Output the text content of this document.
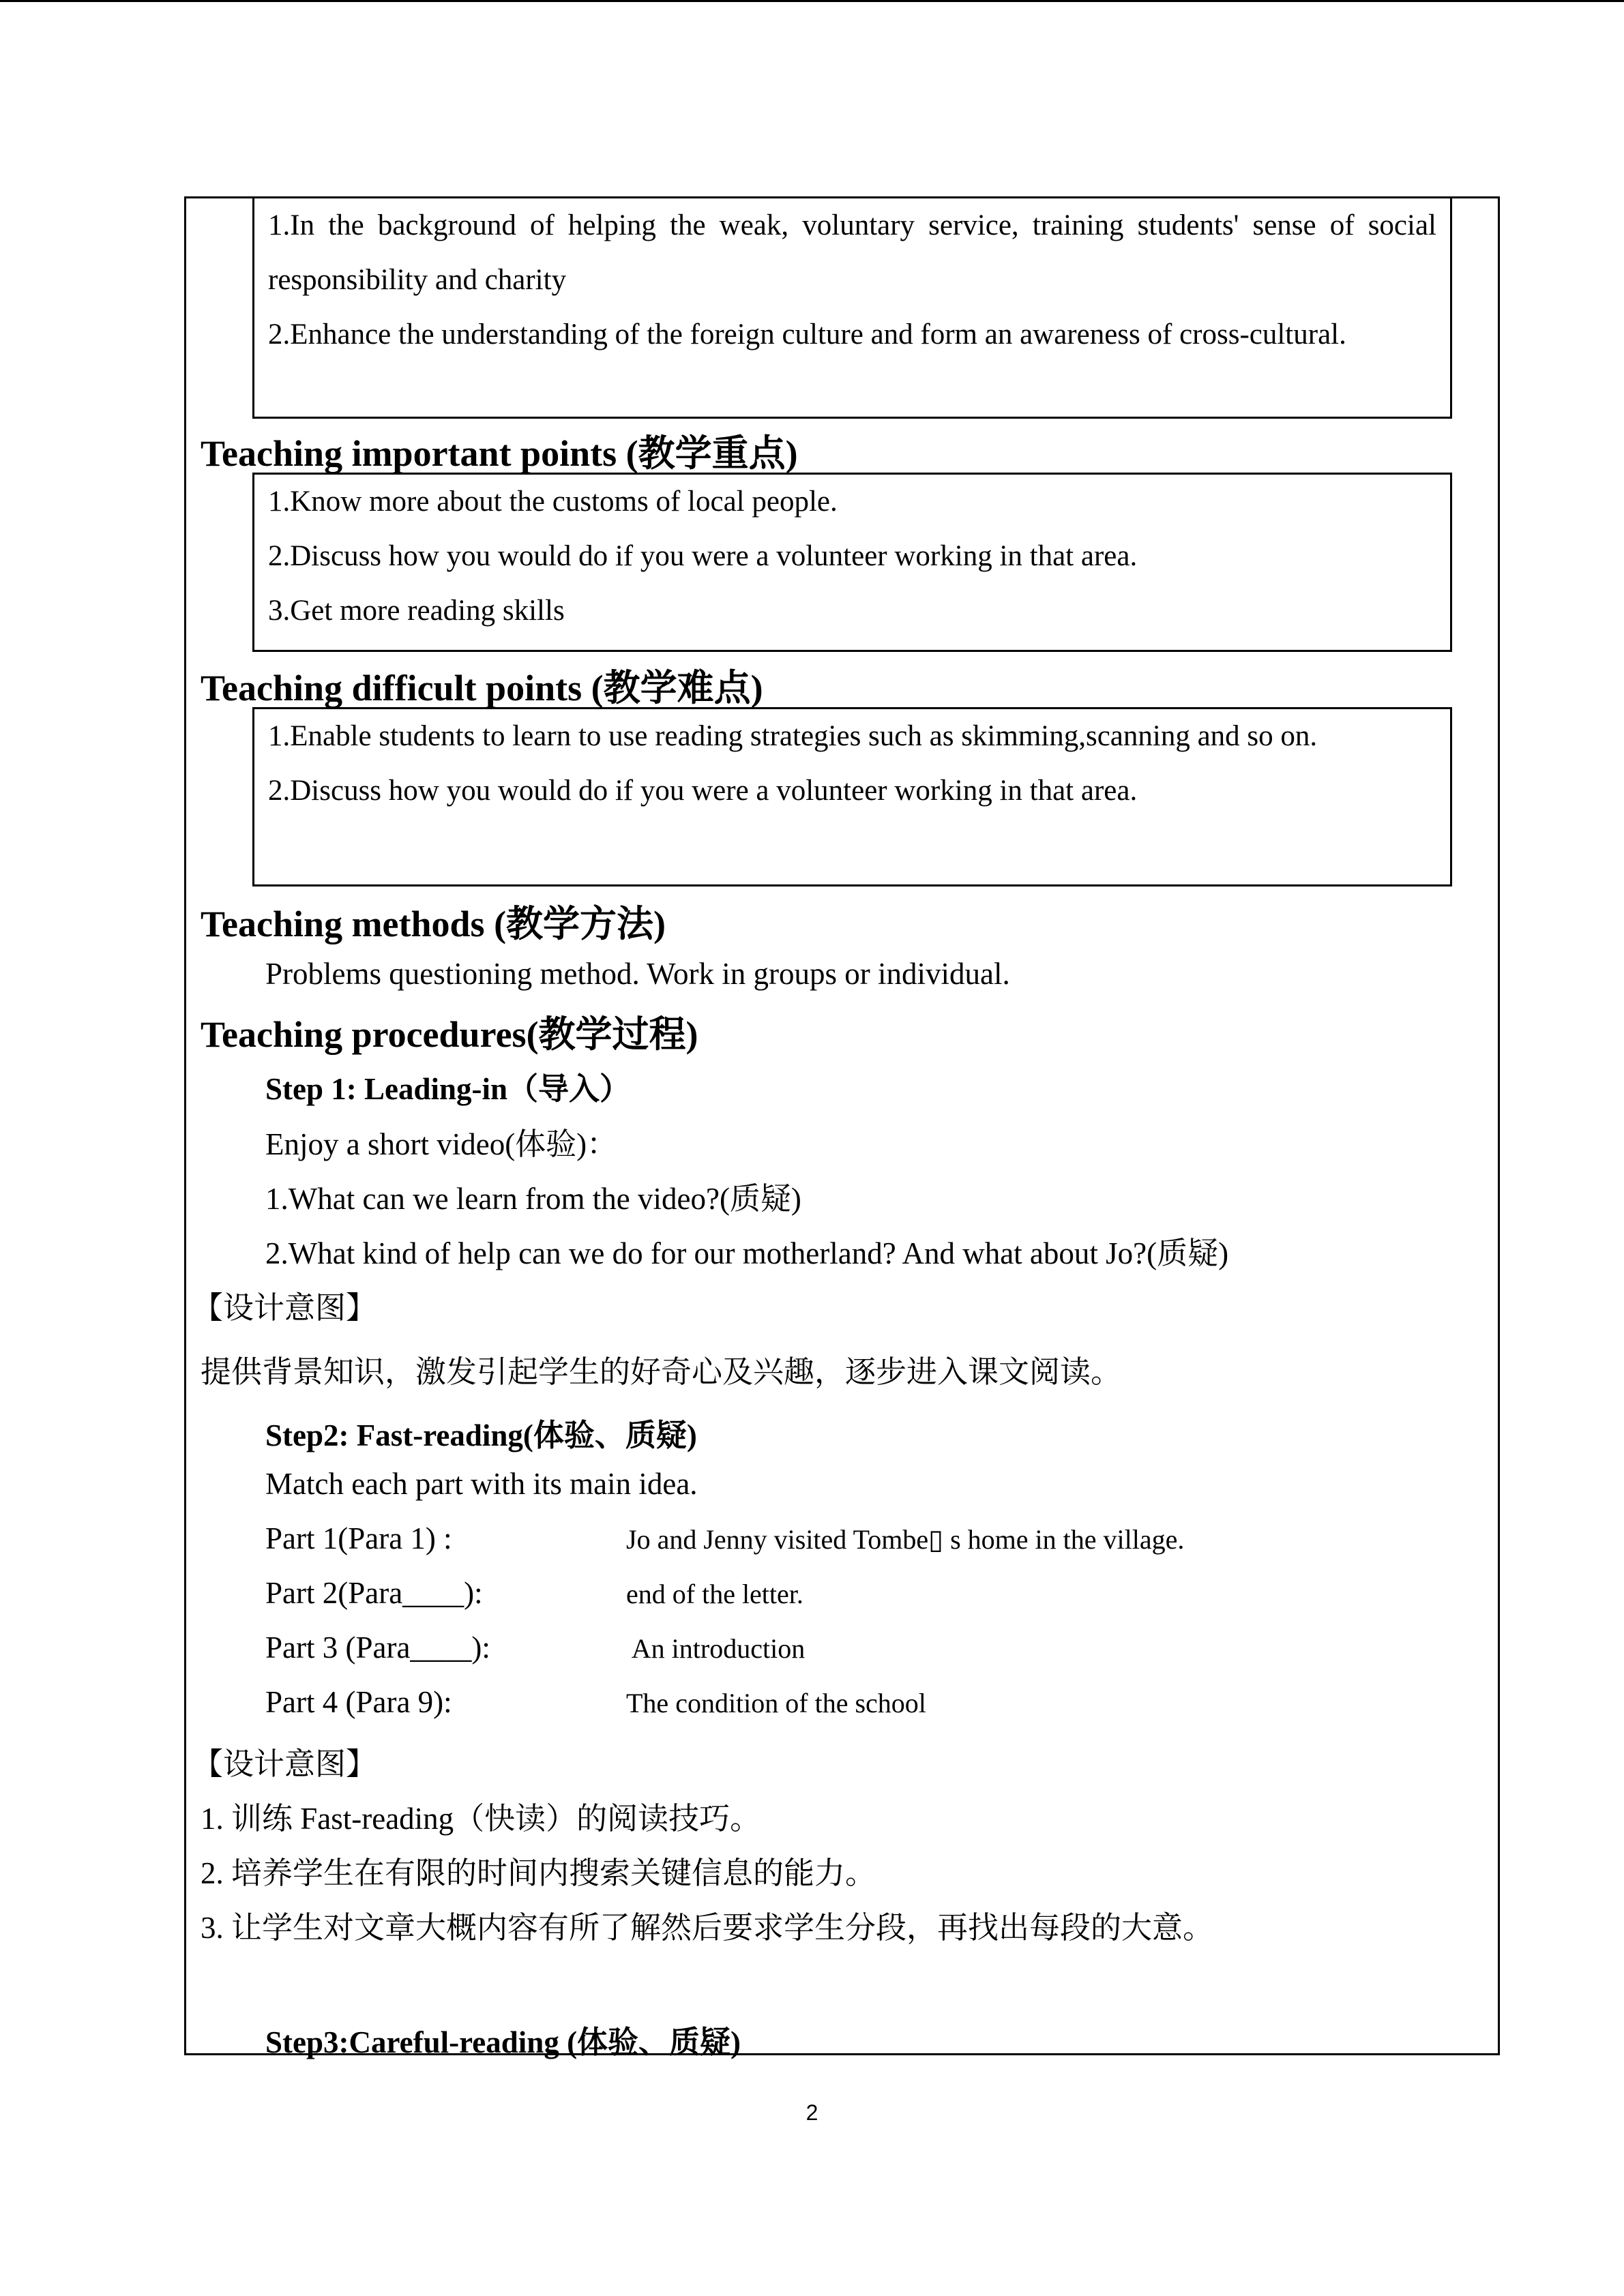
1.In the background of helping the weak, voluntary service, training students' sense of social responsibility and charity

2.Enhance the understanding of the foreign culture and form an awareness of cross-cultural.

Teaching important points (教学重点)

1.Know more about the customs of local people.

2.Discuss how you would do if you were a volunteer working in that area.

3.Get more reading skills

Teaching difficult points (教学难点)

1.Enable students to learn to use reading strategies such as skimming,scanning and so on.

2.Discuss how you would do if you were a volunteer working in that area.

Teaching methods (教学方法)
Problems questioning method. Work in groups or individual.
Teaching procedures(教学过程)
Step 1: Leading-in（导入）
Enjoy a short video(体验)：
1.What can we learn from the video?(质疑)
2.What kind of help can we do for our motherland? And what about Jo?(质疑)
【设计意图】
提供背景知识，激发引起学生的好奇心及兴趣，逐步进入课文阅读。
Step2: Fast-reading(体验、质疑)
Match each part with its main idea.
Part 1(Para 1) :	Jo and Jenny visited Tombe▯ s home in the village.
Part 2(Para____):	end of the letter.
Part 3 (Para____):	An introduction
Part 4 (Para 9):	The condition of the school
【设计意图】
1. 训练 Fast-reading（快读）的阅读技巧。
2. 培养学生在有限的时间内搜索关键信息的能力。
3. 让学生对文章大概内容有所了解然后要求学生分段，再找出每段的大意。
Step3:Careful-reading (体验、质疑)
2
